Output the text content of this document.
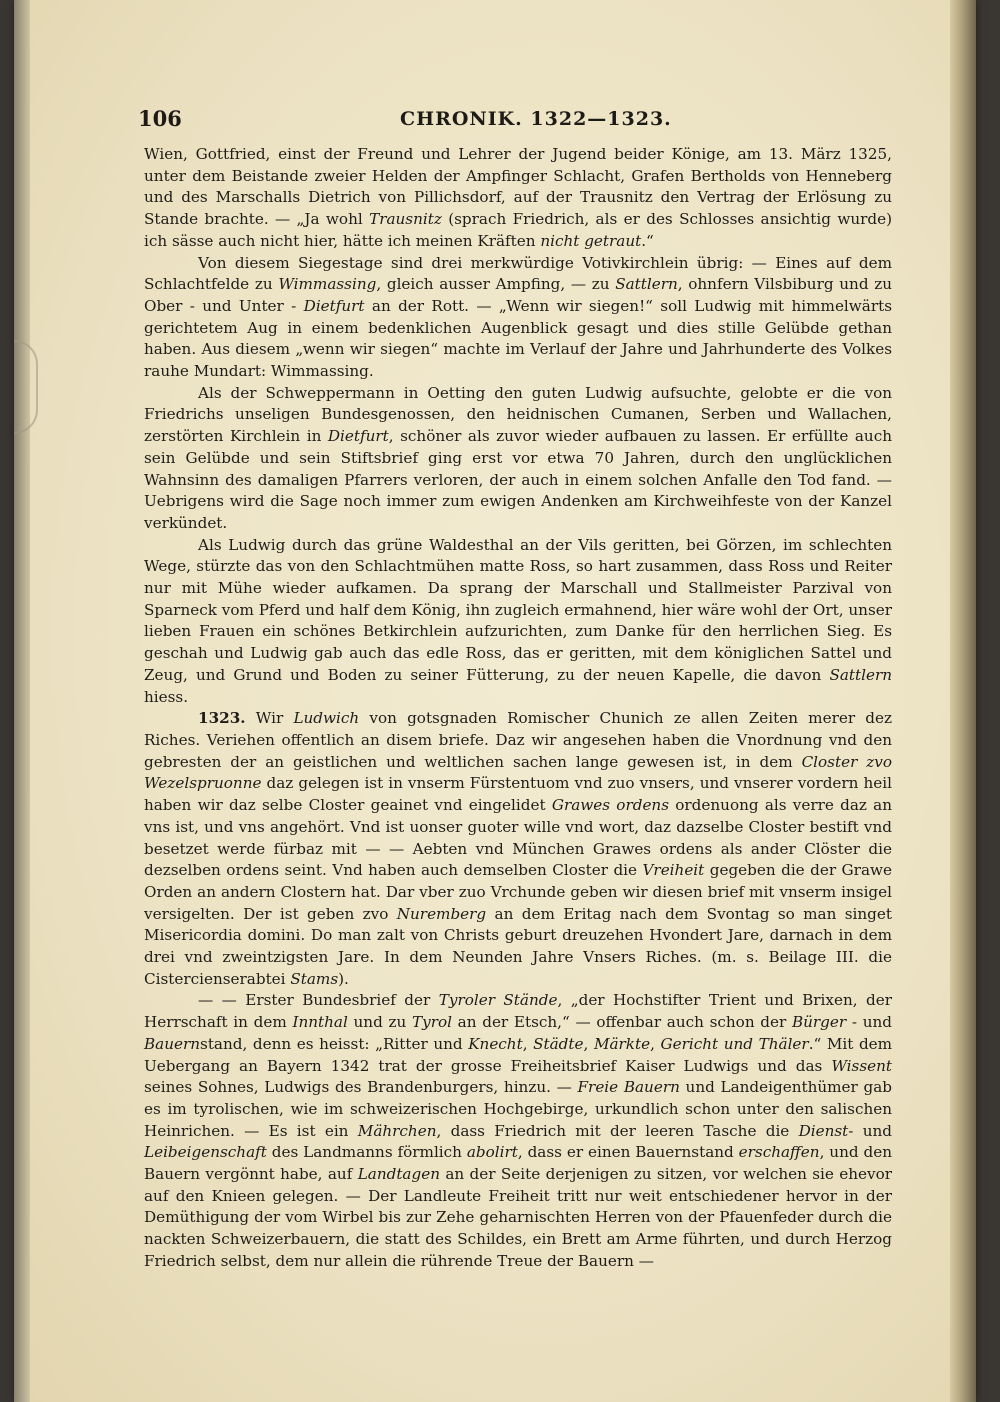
106	CHRONIK. 1322—1323.

Wien, Gottfried, einst der Freund und Lehrer der Jugend beider Könige, am 13. März 1325, unter dem Beistande zweier Helden der Ampfinger Schlacht, Grafen Bertholds von Henneberg und des Marschalls Dietrich von Pillichsdorf, auf der Trausnitz den Vertrag der Erlösung zu Stande brachte. — „Ja wohl Trausnitz (sprach Friedrich, als er des Schlosses ansichtig wurde) ich sässe auch nicht hier, hätte ich meinen Kräften nicht getraut.“

Von diesem Siegestage sind drei merkwürdige Votivkirchlein übrig: — Eines auf dem Schlachtfelde zu Wimmassing, gleich ausser Ampfing, — zu Sattlern, ohnfern Vilsbiburg und zu Ober - und Unter - Dietfurt an der Rott. — „Wenn wir siegen!“ soll Ludwig mit himmelwärts gerichtetem Aug in einem bedenklichen Augenblick gesagt und dies stille Gelübde gethan haben. Aus diesem „wenn wir siegen“ machte im Verlauf der Jahre und Jahrhunderte des Volkes rauhe Mundart: Wimmassing.

Als der Schweppermann in Oetting den guten Ludwig aufsuchte, gelobte er die von Friedrichs unseligen Bundesgenossen, den heidnischen Cumanen, Serben und Wallachen, zerstörten Kirchlein in Dietfurt, schöner als zuvor wieder aufbauen zu lassen. Er erfüllte auch sein Gelübde und sein Stiftsbrief ging erst vor etwa 70 Jahren, durch den unglücklichen Wahnsinn des damaligen Pfarrers verloren, der auch in einem solchen Anfalle den Tod fand. — Uebrigens wird die Sage noch immer zum ewigen Andenken am Kirchweihfeste von der Kanzel verkündet.

Als Ludwig durch das grüne Waldesthal an der Vils geritten, bei Görzen, im schlechten Wege, stürzte das von den Schlachtmühen matte Ross, so hart zusammen, dass Ross und Reiter nur mit Mühe wieder aufkamen. Da sprang der Marschall und Stallmeister Parzival von Sparneck vom Pferd und half dem König, ihn zugleich ermahnend, hier wäre wohl der Ort, unser lieben Frauen ein schönes Betkirchlein aufzurichten, zum Danke für den herrlichen Sieg. Es geschah und Ludwig gab auch das edle Ross, das er geritten, mit dem königlichen Sattel und Zeug, und Grund und Boden zu seiner Fütterung, zu der neuen Kapelle, die davon Sattlern hiess.

1323. Wir Ludwich von gotsgnaden Romischer Chunich ze allen Zeiten merer dez Riches. Veriehen offentlich an disem briefe. Daz wir angesehen haben die Vnordnung vnd den gebresten der an geistlichen und weltlichen sachen lange gewesen ist, in dem Closter zvo Wezelspruonne daz gelegen ist in vnserm Fürstentuom vnd zuo vnsers, und vnserer vordern heil haben wir daz selbe Closter geainet vnd eingelidet Grawes ordens ordenuong als verre daz an vns ist, und vns angehört. Vnd ist uonser guoter wille vnd wort, daz dazselbe Closter bestift vnd besetzet werde fürbaz mit — — Aebten vnd München Grawes ordens als ander Clöster die dezselben ordens seint. Vnd haben auch demselben Closter die Vreiheit gegeben die der Grawe Orden an andern Clostern hat. Dar vber zuo Vrchunde geben wir diesen brief mit vnserm insigel versigelten. Der ist geben zvo Nuremberg an dem Eritag nach dem Svontag so man singet Misericordia domini. Do man zalt von Christs geburt dreuzehen Hvondert Jare, darnach in dem drei vnd zweintzigsten Jare. In dem Neunden Jahre Vnsers Riches. (m. s. Beilage III. die Cistercienserabtei Stams).

— — Erster Bundesbrief der Tyroler Stände, „der Hochstifter Trient und Brixen, der Herrschaft in dem Innthal und zu Tyrol an der Etsch,“ — offenbar auch schon der Bürger - und Bauernstand, denn es heisst: „Ritter und Knecht, Städte, Märkte, Gericht und Thäler.“ Mit dem Uebergang an Bayern 1342 trat der grosse Freiheitsbrief Kaiser Ludwigs und das Wissent seines Sohnes, Ludwigs des Brandenburgers, hinzu. — Freie Bauern und Landeigenthümer gab es im tyrolischen, wie im schweizerischen Hochgebirge, urkundlich schon unter den salischen Heinrichen. — Es ist ein Mährchen, dass Friedrich mit der leeren Tasche die Dienst- und Leibeigenschaft des Landmanns förmlich abolirt, dass er einen Bauernstand erschaffen, und den Bauern vergönnt habe, auf Landtagen an der Seite derjenigen zu sitzen, vor welchen sie ehevor auf den Knieen gelegen. — Der Landleute Freiheit tritt nur weit entschiedener hervor in der Demüthigung der vom Wirbel bis zur Zehe geharnischten Herren von der Pfauenfeder durch die nackten Schweizerbauern, die statt des Schildes, ein Brett am Arme führten, und durch Herzog Friedrich selbst, dem nur allein die rührende Treue der Bauern —
